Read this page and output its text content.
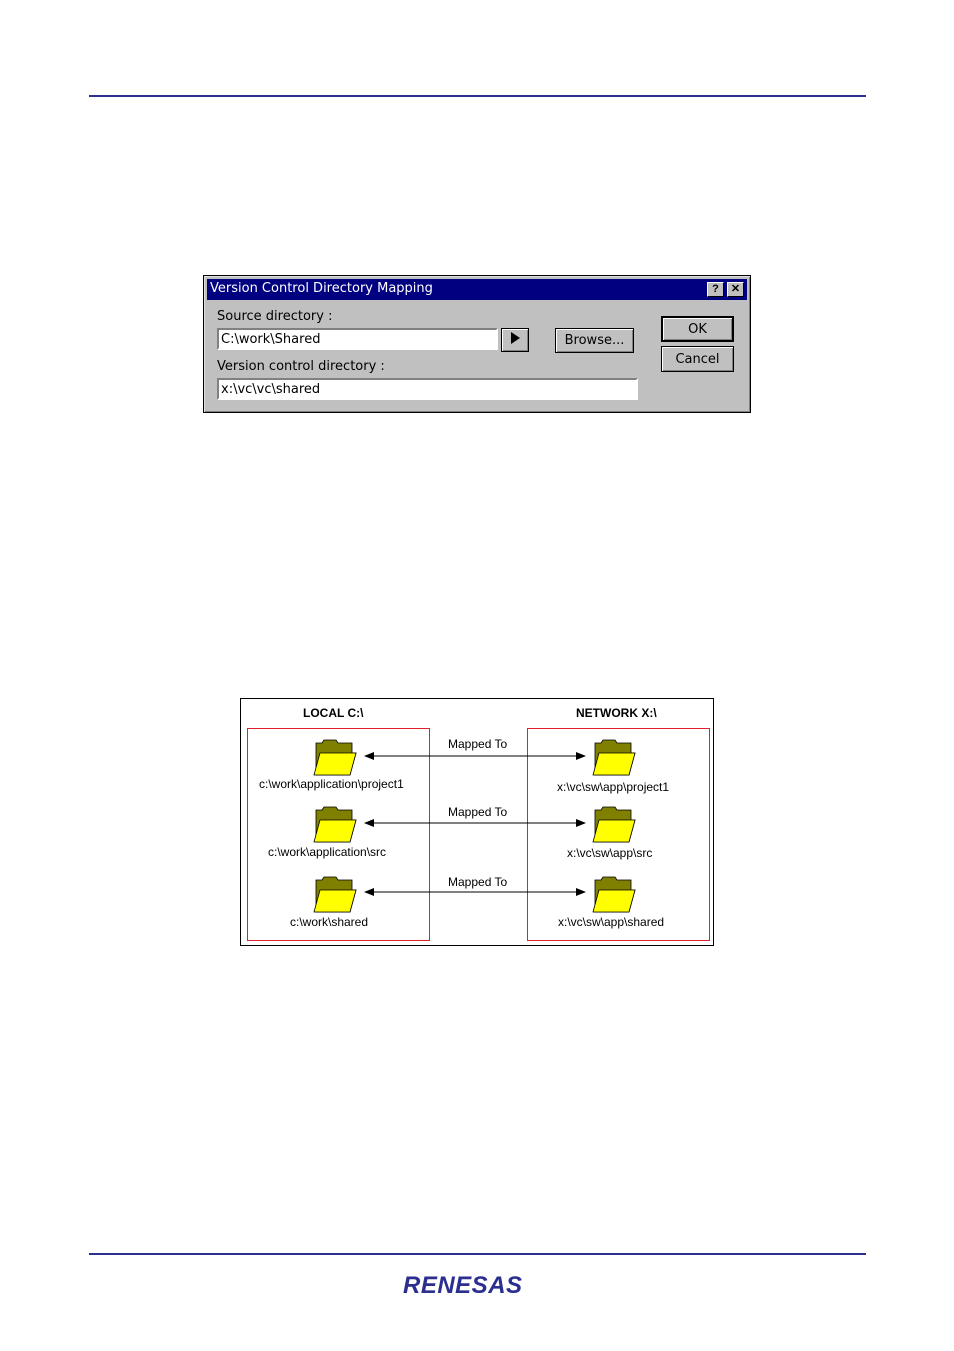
Version Control Directory Mapping	?	✕
Source directory :
C:\work\Shared
Browse...
Version control directory :
x:\vc\vc\shared
OK
Cancel
LOCAL C:\	NETWORK X:\
Mapped To
Mapped To
Mapped To
c:\work\application\project1	x:\vc\sw\app\project1
c:\work\application\src	x:\vc\sw\app\src
c:\work\shared	x:\vc\sw\app\shared
RENESAS
